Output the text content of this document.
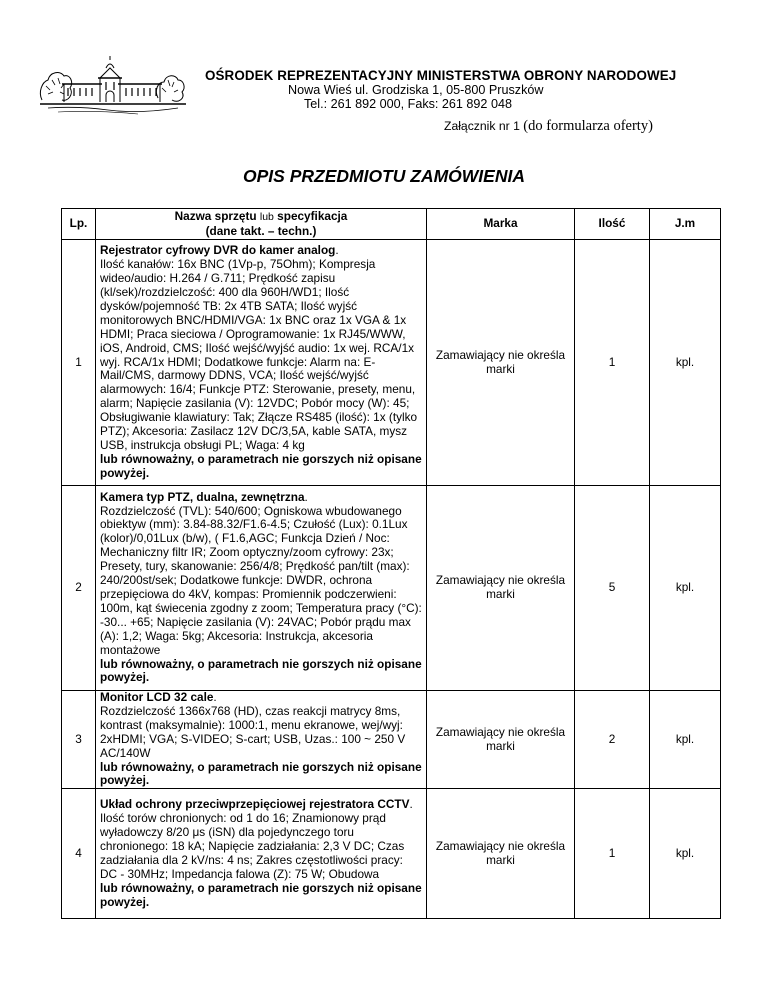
OŚRODEK REPREZENTACYJNY MINISTERSTWA OBRONY NARODOWEJ
Nowa Wieś ul. Grodziska 1, 05-800 Pruszków
Tel.: 261 892 000, Faks: 261 892 048
Załącznik nr 1 (do formularza oferty)
OPIS PRZEDMIOTU ZAMÓWIENIA
Lp.	Nazwa sprzętu lub specyfikacja
(dane takt. – techn.)	Marka	Ilość	J.m
1	Rejestrator cyfrowy DVR do kamer analog.
Ilość kanałów: 16x BNC (1Vp-p, 75Ohm); Kompresja wideo/audio: H.264 / G.711; Prędkość zapisu (kl/sek)/rozdzielczość: 400 dla 960H/WD1; Ilość dysków/pojemność TB: 2x 4TB SATA; Ilość wyjść monitorowych BNC/HDMI/VGA: 1x BNC oraz 1x VGA & 1x HDMI; Praca sieciowa / Oprogramowanie: 1x RJ45/WWW, iOS, Android, CMS; Ilość wejść/wyjść audio: 1x wej. RCA/1x wyj. RCA/1x HDMI; Dodatkowe funkcje: Alarm na: E-Mail/CMS, darmowy DDNS, VCA; Ilość wejść/wyjść alarmowych: 16/4; Funkcje PTZ: Sterowanie, presety, menu, alarm; Napięcie zasilania (V): 12VDC; Pobór mocy (W): 45; Obsługiwanie klawiatury: Tak; Złącze RS485 (ilość): 1x (tylko PTZ); Akcesoria: Zasilacz 12V DC/3,5A, kable SATA, mysz USB, instrukcja obsługi PL; Waga: 4 kg
lub równoważny, o parametrach nie gorszych niż opisane powyżej.	Zamawiający nie określa marki	1	kpl.
2	Kamera typ PTZ, dualna, zewnętrzna.
Rozdzielczość (TVL): 540/600; Ogniskowa wbudowanego obiektyw (mm): 3.84-88.32/F1.6-4.5; Czułość (Lux): 0.1Lux (kolor)/0,01Lux (b/w), ( F1.6,AGC; Funkcja Dzień / Noc: Mechaniczny filtr IR; Zoom optyczny/zoom cyfrowy: 23x; Presety, tury, skanowanie: 256/4/8; Prędkość pan/tilt (max): 240/200st/sek; Dodatkowe funkcje: DWDR, ochrona przepięciowa do 4kV, kompas: Promiennik podczerwieni: 100m, kąt świecenia zgodny z zoom; Temperatura pracy (°C): -30... +65; Napięcie zasilania (V): 24VAC; Pobór prądu max (A): 1,2; Waga: 5kg; Akcesoria: Instrukcja, akcesoria montażowe
lub równoważny, o parametrach nie gorszych niż opisane powyżej.	Zamawiający nie określa marki	5	kpl.
3	Monitor LCD 32 cale.
Rozdzielczość 1366x768 (HD), czas reakcji matrycy 8ms, kontrast (maksymalnie): 1000:1, menu ekranowe, wej/wyj: 2xHDMI; VGA; S-VIDEO; S-cart; USB, Uzas.: 100 ~ 250 V AC/140W
lub równoważny, o parametrach nie gorszych niż opisane powyżej.	Zamawiający nie określa marki	2	kpl.
4	Układ ochrony przeciwprzepięciowej rejestratora CCTV.
Ilość torów chronionych: od 1 do 16; Znamionowy prąd wyładowczy 8/20 μs (iSN) dla pojedynczego toru chronionego: 18 kA; Napięcie zadziałania: 2,3 V DC; Czas zadziałania dla 2 kV/ns: 4 ns; Zakres częstotliwości pracy: DC - 30MHz; Impedancja falowa (Z): 75 W; Obudowa
lub równoważny, o parametrach nie gorszych niż opisane powyżej.	Zamawiający nie określa marki	1	kpl.
